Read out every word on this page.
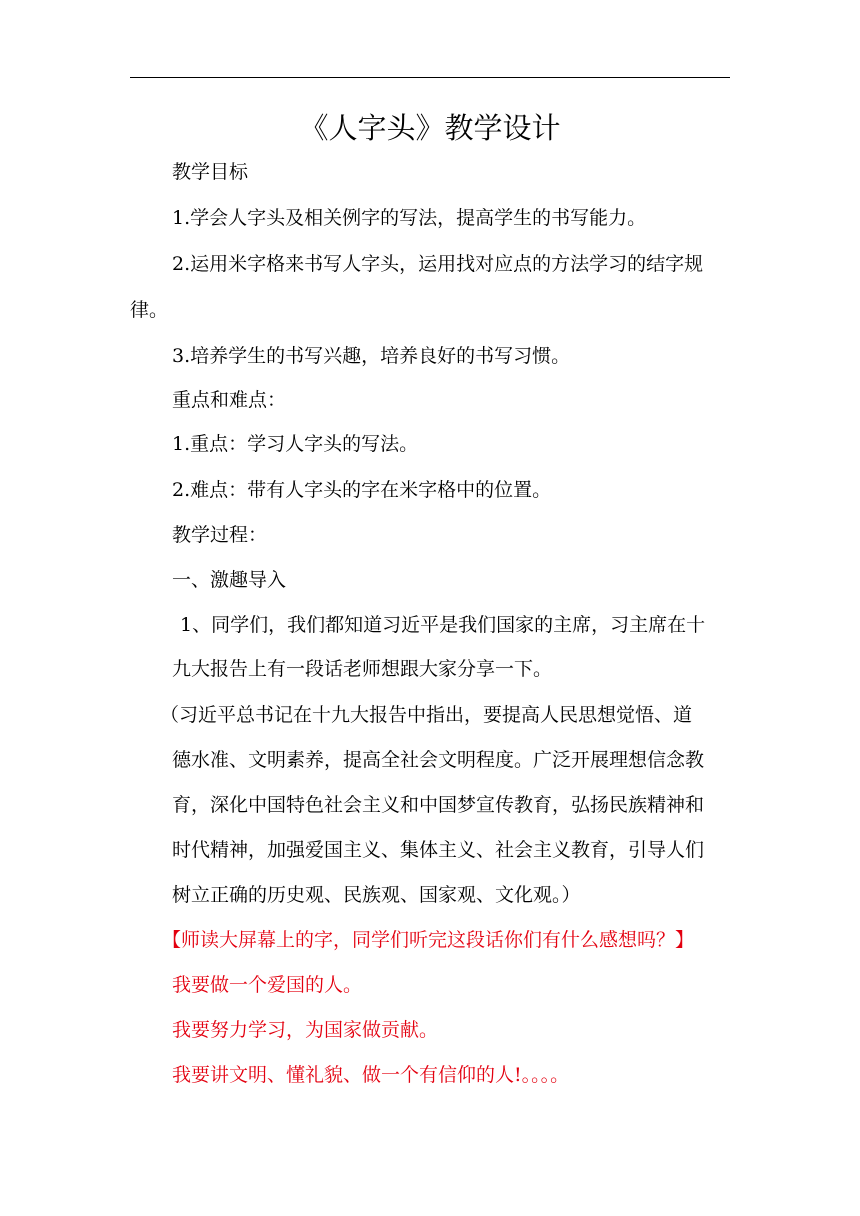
《人字头》教学设计
教学目标
1.学会人字头及相关例字的写法，提高学生的书写能力。
2.运用米字格来书写人字头，运用找对应点的方法学习的结字规
律。
3.培养学生的书写兴趣，培养良好的书写习惯。
重点和难点：
1.重点：学习人字头的写法。
2.难点：带有人字头的字在米字格中的位置。
教学过程：
一、激趣导入
1、同学们，我们都知道习近平是我们国家的主席，习主席在十
九大报告上有一段话老师想跟大家分享一下。
（习近平总书记在十九大报告中指出，要提高人民思想觉悟、道
德水准、文明素养，提高全社会文明程度。广泛开展理想信念教
育，深化中国特色社会主义和中国梦宣传教育，弘扬民族精神和
时代精神，加强爱国主义、集体主义、社会主义教育，引导人们
树立正确的历史观、民族观、国家观、文化观。）
【师读大屏幕上的字，同学们听完这段话你们有什么感想吗？】
我要做一个爱国的人。
我要努力学习，为国家做贡献。
我要讲文明、懂礼貌、做一个有信仰的人!。。。。
